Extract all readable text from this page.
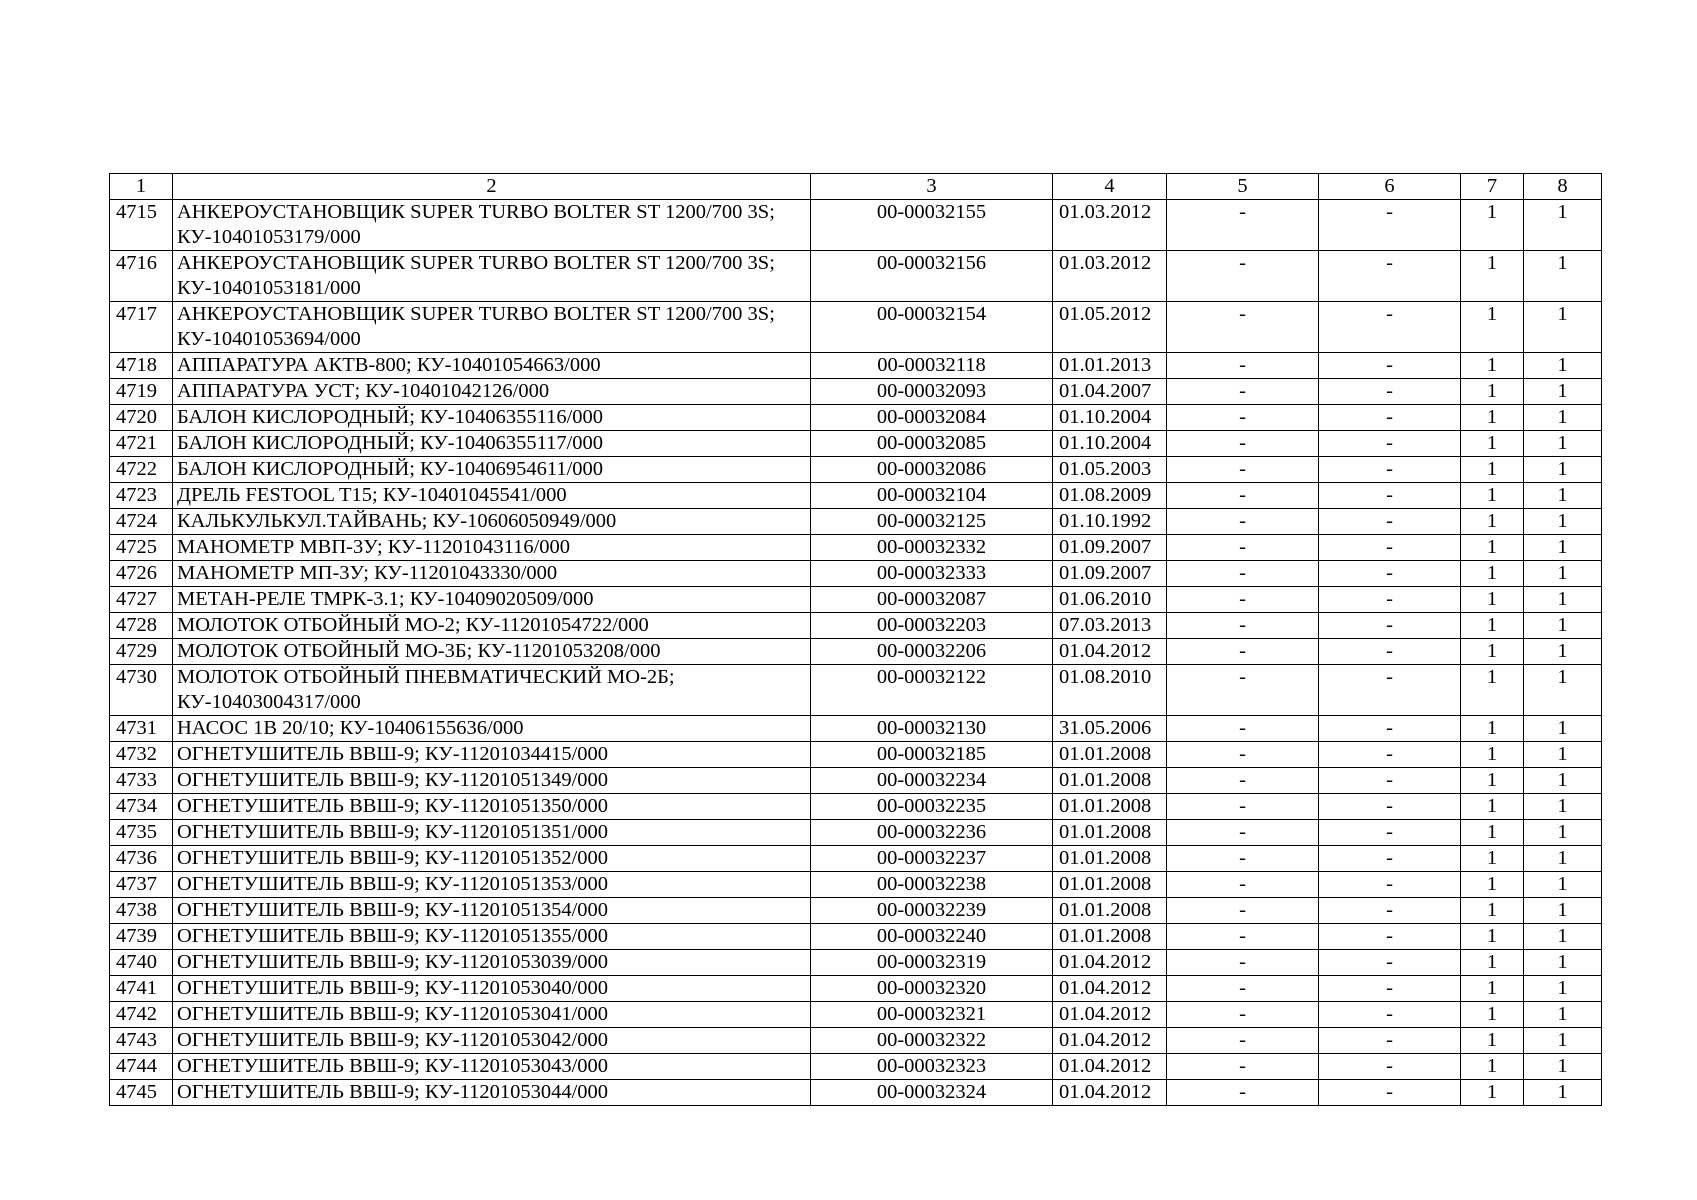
1	2	3	4	5	6	7	8
4715	АНКЕРОУСТАНОВЩИК SUPER TURBO BOLTER ST 1200/700 3S; КУ-10401053179/000	00-00032155	01.03.2012	-	-	1	1
4716	АНКЕРОУСТАНОВЩИК SUPER TURBO BOLTER ST 1200/700 3S; КУ-10401053181/000	00-00032156	01.03.2012	-	-	1	1
4717	АНКЕРОУСТАНОВЩИК SUPER TURBO BOLTER ST 1200/700 3S; КУ-10401053694/000	00-00032154	01.05.2012	-	-	1	1
4718	АППАРАТУРА АКТВ-800; КУ-10401054663/000	00-00032118	01.01.2013	-	-	1	1
4719	АППАРАТУРА УСТ; КУ-10401042126/000	00-00032093	01.04.2007	-	-	1	1
4720	БАЛОН КИСЛОРОДНЫЙ; КУ-10406355116/000	00-00032084	01.10.2004	-	-	1	1
4721	БАЛОН КИСЛОРОДНЫЙ; КУ-10406355117/000	00-00032085	01.10.2004	-	-	1	1
4722	БАЛОН КИСЛОРОДНЫЙ; КУ-10406954611/000	00-00032086	01.05.2003	-	-	1	1
4723	ДРЕЛЬ FESTOOL T15; КУ-10401045541/000	00-00032104	01.08.2009	-	-	1	1
4724	КАЛЬКУЛЬКУЛ.ТАЙВАНЬ; КУ-10606050949/000	00-00032125	01.10.1992	-	-	1	1
4725	МАНОМЕТР МВП-3У; КУ-11201043116/000	00-00032332	01.09.2007	-	-	1	1
4726	МАНОМЕТР МП-3У; КУ-11201043330/000	00-00032333	01.09.2007	-	-	1	1
4727	МЕТАН-РЕЛЕ ТМРК-3.1; КУ-10409020509/000	00-00032087	01.06.2010	-	-	1	1
4728	МОЛОТОК ОТБОЙНЫЙ МО-2; КУ-11201054722/000	00-00032203	07.03.2013	-	-	1	1
4729	МОЛОТОК ОТБОЙНЫЙ МО-3Б; КУ-11201053208/000	00-00032206	01.04.2012	-	-	1	1
4730	МОЛОТОК ОТБОЙНЫЙ ПНЕВМАТИЧЕСКИЙ МО-2Б; КУ-10403004317/000	00-00032122	01.08.2010	-	-	1	1
4731	НАСОС 1В 20/10; КУ-10406155636/000	00-00032130	31.05.2006	-	-	1	1
4732	ОГНЕТУШИТЕЛЬ ВВШ-9; КУ-11201034415/000	00-00032185	01.01.2008	-	-	1	1
4733	ОГНЕТУШИТЕЛЬ ВВШ-9; КУ-11201051349/000	00-00032234	01.01.2008	-	-	1	1
4734	ОГНЕТУШИТЕЛЬ ВВШ-9; КУ-11201051350/000	00-00032235	01.01.2008	-	-	1	1
4735	ОГНЕТУШИТЕЛЬ ВВШ-9; КУ-11201051351/000	00-00032236	01.01.2008	-	-	1	1
4736	ОГНЕТУШИТЕЛЬ ВВШ-9; КУ-11201051352/000	00-00032237	01.01.2008	-	-	1	1
4737	ОГНЕТУШИТЕЛЬ ВВШ-9; КУ-11201051353/000	00-00032238	01.01.2008	-	-	1	1
4738	ОГНЕТУШИТЕЛЬ ВВШ-9; КУ-11201051354/000	00-00032239	01.01.2008	-	-	1	1
4739	ОГНЕТУШИТЕЛЬ ВВШ-9; КУ-11201051355/000	00-00032240	01.01.2008	-	-	1	1
4740	ОГНЕТУШИТЕЛЬ ВВШ-9; КУ-11201053039/000	00-00032319	01.04.2012	-	-	1	1
4741	ОГНЕТУШИТЕЛЬ ВВШ-9; КУ-11201053040/000	00-00032320	01.04.2012	-	-	1	1
4742	ОГНЕТУШИТЕЛЬ ВВШ-9; КУ-11201053041/000	00-00032321	01.04.2012	-	-	1	1
4743	ОГНЕТУШИТЕЛЬ ВВШ-9; КУ-11201053042/000	00-00032322	01.04.2012	-	-	1	1
4744	ОГНЕТУШИТЕЛЬ ВВШ-9; КУ-11201053043/000	00-00032323	01.04.2012	-	-	1	1
4745	ОГНЕТУШИТЕЛЬ ВВШ-9; КУ-11201053044/000	00-00032324	01.04.2012	-	-	1	1
